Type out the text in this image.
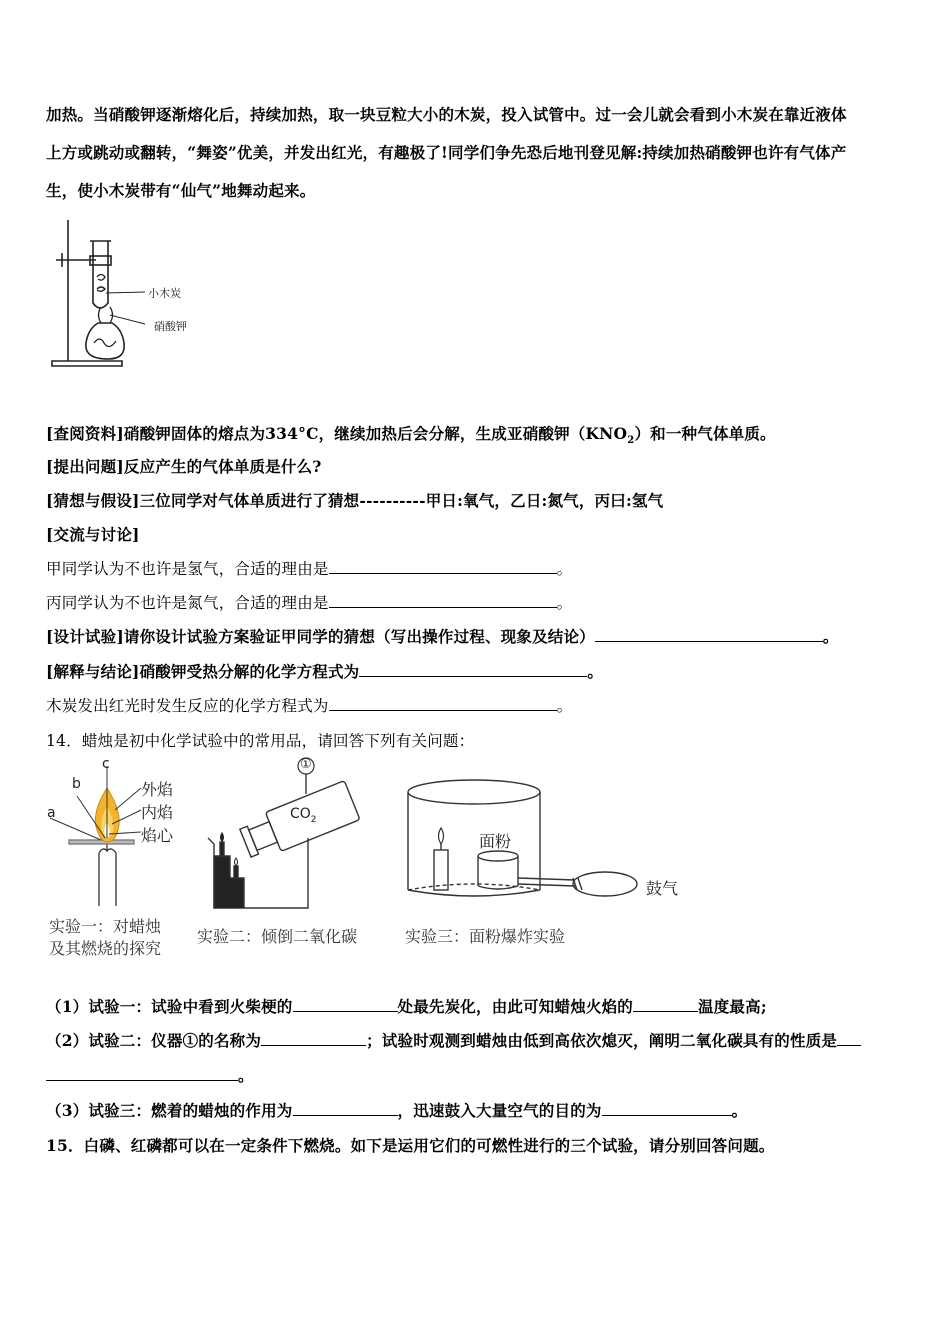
加热。当硝酸钾逐渐熔化后，持续加热，取一块豆粒大小的木炭，投入试管中。过一会儿就会看到小木炭在靠近液体
上方或跳动或翻转，“舞姿”优美，并发出红光，有趣极了!同学们争先恐后地刊登见解:持续加热硝酸钾也许有气体产
生，使小木炭带有“仙气”地舞动起来。
小木炭
硝酸钾
[查阅资料]硝酸钾固体的熔点为334°C，继续加热后会分解，生成亚硝酸钾$(KNO_2)$和一种气体单质。
[提出问题]反应产生的气体单质是什么?
[猜想与假设]三位同学对气体单质进行了猜想----------甲日:氧气，乙日:氮气，丙曰:氢气
[交流与讨论]
甲同学认为不也许是氢气，合适的理由是	。
丙同学认为不也许是氮气，合适的理由是	。
[设计试验]请你设计试验方案验证甲同学的猜想（写出操作过程、现象及结论）	。
[解释与结论]硝酸钾受热分解的化学方程式为	。
木炭发出红光时发生反应的化学方程式为	。
14．蜡烛是初中化学试验中的常用品，请回答下列有关问题：
a
b
c
外焰
内焰
焰心
实验一：对蜡烛
及其燃烧的探究
①
$CO_2$
实验二：倾倒二氧化碳
面粉
鼓气
实验三：面粉爆炸实验
（1）试验一：试验中看到火柴梗的	处最先炭化，由此可知蜡烛火焰的	温度最高;
（2）试验二：仪器①的名称为	；试验时观测到蜡烛由低到高依次熄灭，阐明二氧化碳具有的性质是
。
（3）试验三：燃着的蜡烛的作用为	，迅速鼓入大量空气的目的为	。
15．白磷、红磷都可以在一定条件下燃烧。如下是运用它们的可燃性进行的三个试验，请分别回答问题。
